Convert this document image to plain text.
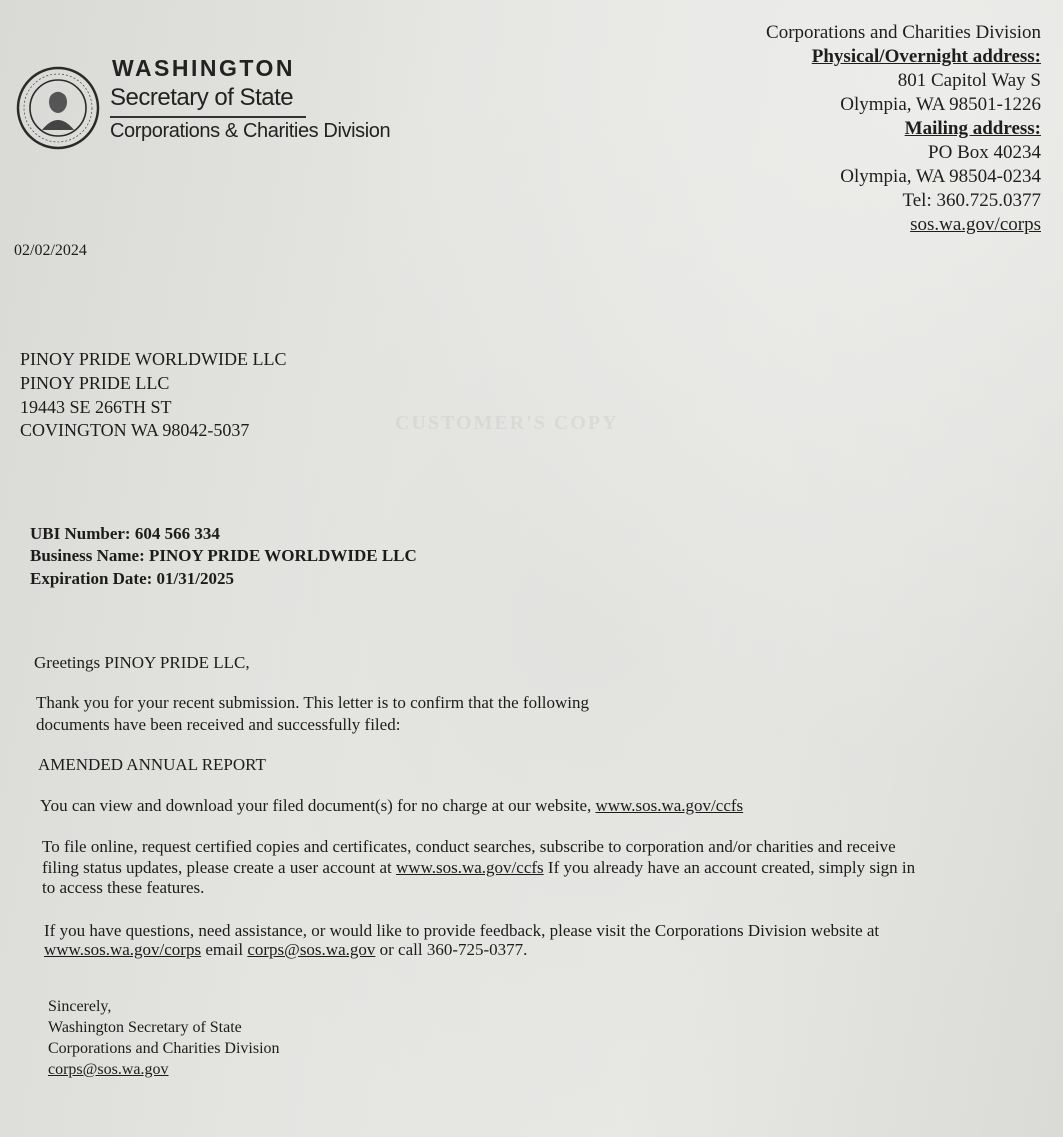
WASHINGTON
Secretary of State
Corporations & Charities Division
Corporations and Charities Division
Physical/Overnight address:
801 Capitol Way S
Olympia, WA 98501-1226
Mailing address:
PO Box 40234
Olympia, WA 98504-0234
Tel: 360.725.0377
sos.wa.gov/corps
02/02/2024
CUSTOMER'S COPY
PINOY PRIDE WORLDWIDE LLC
PINOY PRIDE LLC
19443 SE 266TH ST
COVINGTON WA 98042-5037
UBI Number: 604 566 334
Business Name: PINOY PRIDE WORLDWIDE LLC
Expiration Date: 01/31/2025
Greetings PINOY PRIDE LLC,
Thank you for your recent submission. This letter is to confirm that the following
documents have been received and successfully filed:
AMENDED ANNUAL REPORT
You can view and download your filed document(s) for no charge at our website, www.sos.wa.gov/ccfs
To file online, request certified copies and certificates, conduct searches, subscribe to corporation and/or charities and receive
filing status updates, please create a user account at www.sos.wa.gov/ccfs If you already have an account created, simply sign in
to access these features.
If you have questions, need assistance, or would like to provide feedback, please visit the Corporations Division website at
www.sos.wa.gov/corps email corps@sos.wa.gov or call 360-725-0377.
Sincerely,
Washington Secretary of State
Corporations and Charities Division
corps@sos.wa.gov
